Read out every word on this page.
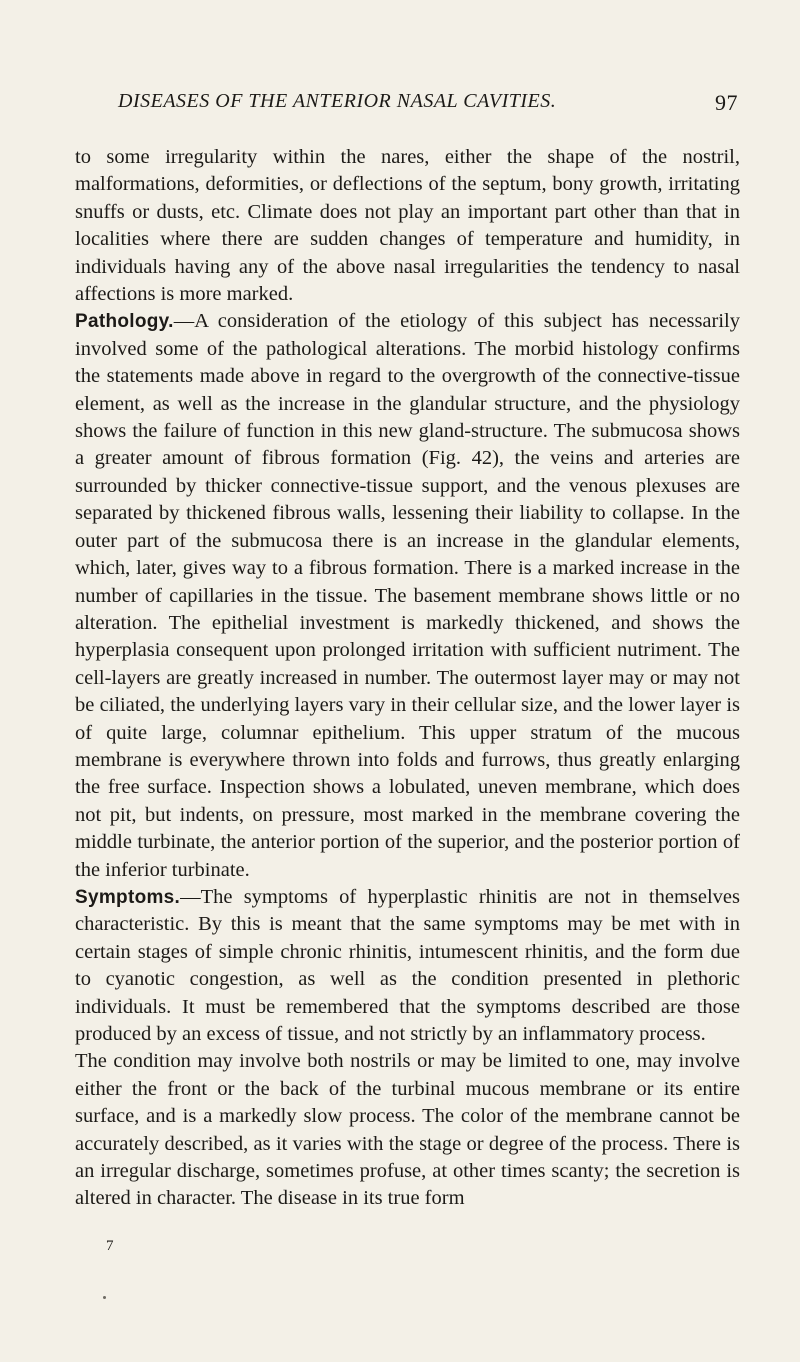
DISEASES OF THE ANTERIOR NASAL CAVITIES.	97

to some irregularity within the nares, either the shape of the nostril, malformations, deformities, or deflections of the septum, bony growth, irritating snuffs or dusts, etc. Climate does not play an important part other than that in localities where there are sudden changes of temperature and humidity, in individuals having any of the above nasal irregularities the tendency to nasal affections is more marked.

Pathology.—A consideration of the etiology of this subject has necessarily involved some of the pathological alterations. The morbid histology confirms the statements made above in regard to the overgrowth of the connective-tissue element, as well as the increase in the glandular structure, and the physiology shows the failure of function in this new gland-structure. The submucosa shows a greater amount of fibrous formation (Fig. 42), the veins and arteries are surrounded by thicker connective-tissue support, and the venous plexuses are separated by thickened fibrous walls, lessening their liability to collapse. In the outer part of the submucosa there is an increase in the glandular elements, which, later, gives way to a fibrous formation. There is a marked increase in the number of capillaries in the tissue. The basement membrane shows little or no alteration. The epithelial investment is markedly thickened, and shows the hyperplasia consequent upon prolonged irritation with sufficient nutriment. The cell-layers are greatly increased in number. The outermost layer may or may not be ciliated, the underlying layers vary in their cellular size, and the lower layer is of quite large, columnar epithelium. This upper stratum of the mucous membrane is everywhere thrown into folds and furrows, thus greatly enlarging the free surface. Inspection shows a lobulated, uneven membrane, which does not pit, but indents, on pressure, most marked in the membrane covering the middle turbinate, the anterior portion of the superior, and the posterior portion of the inferior turbinate.

Symptoms.—The symptoms of hyperplastic rhinitis are not in themselves characteristic. By this is meant that the same symptoms may be met with in certain stages of simple chronic rhinitis, intumescent rhinitis, and the form due to cyanotic congestion, as well as the condition presented in plethoric individuals. It must be remembered that the symptoms described are those produced by an excess of tissue, and not strictly by an inflammatory process.

The condition may involve both nostrils or may be limited to one, may involve either the front or the back of the turbinal mucous membrane or its entire surface, and is a markedly slow process. The color of the membrane cannot be accurately described, as it varies with the stage or degree of the process. There is an irregular discharge, sometimes profuse, at other times scanty; the secretion is altered in character. The disease in its true form

7
